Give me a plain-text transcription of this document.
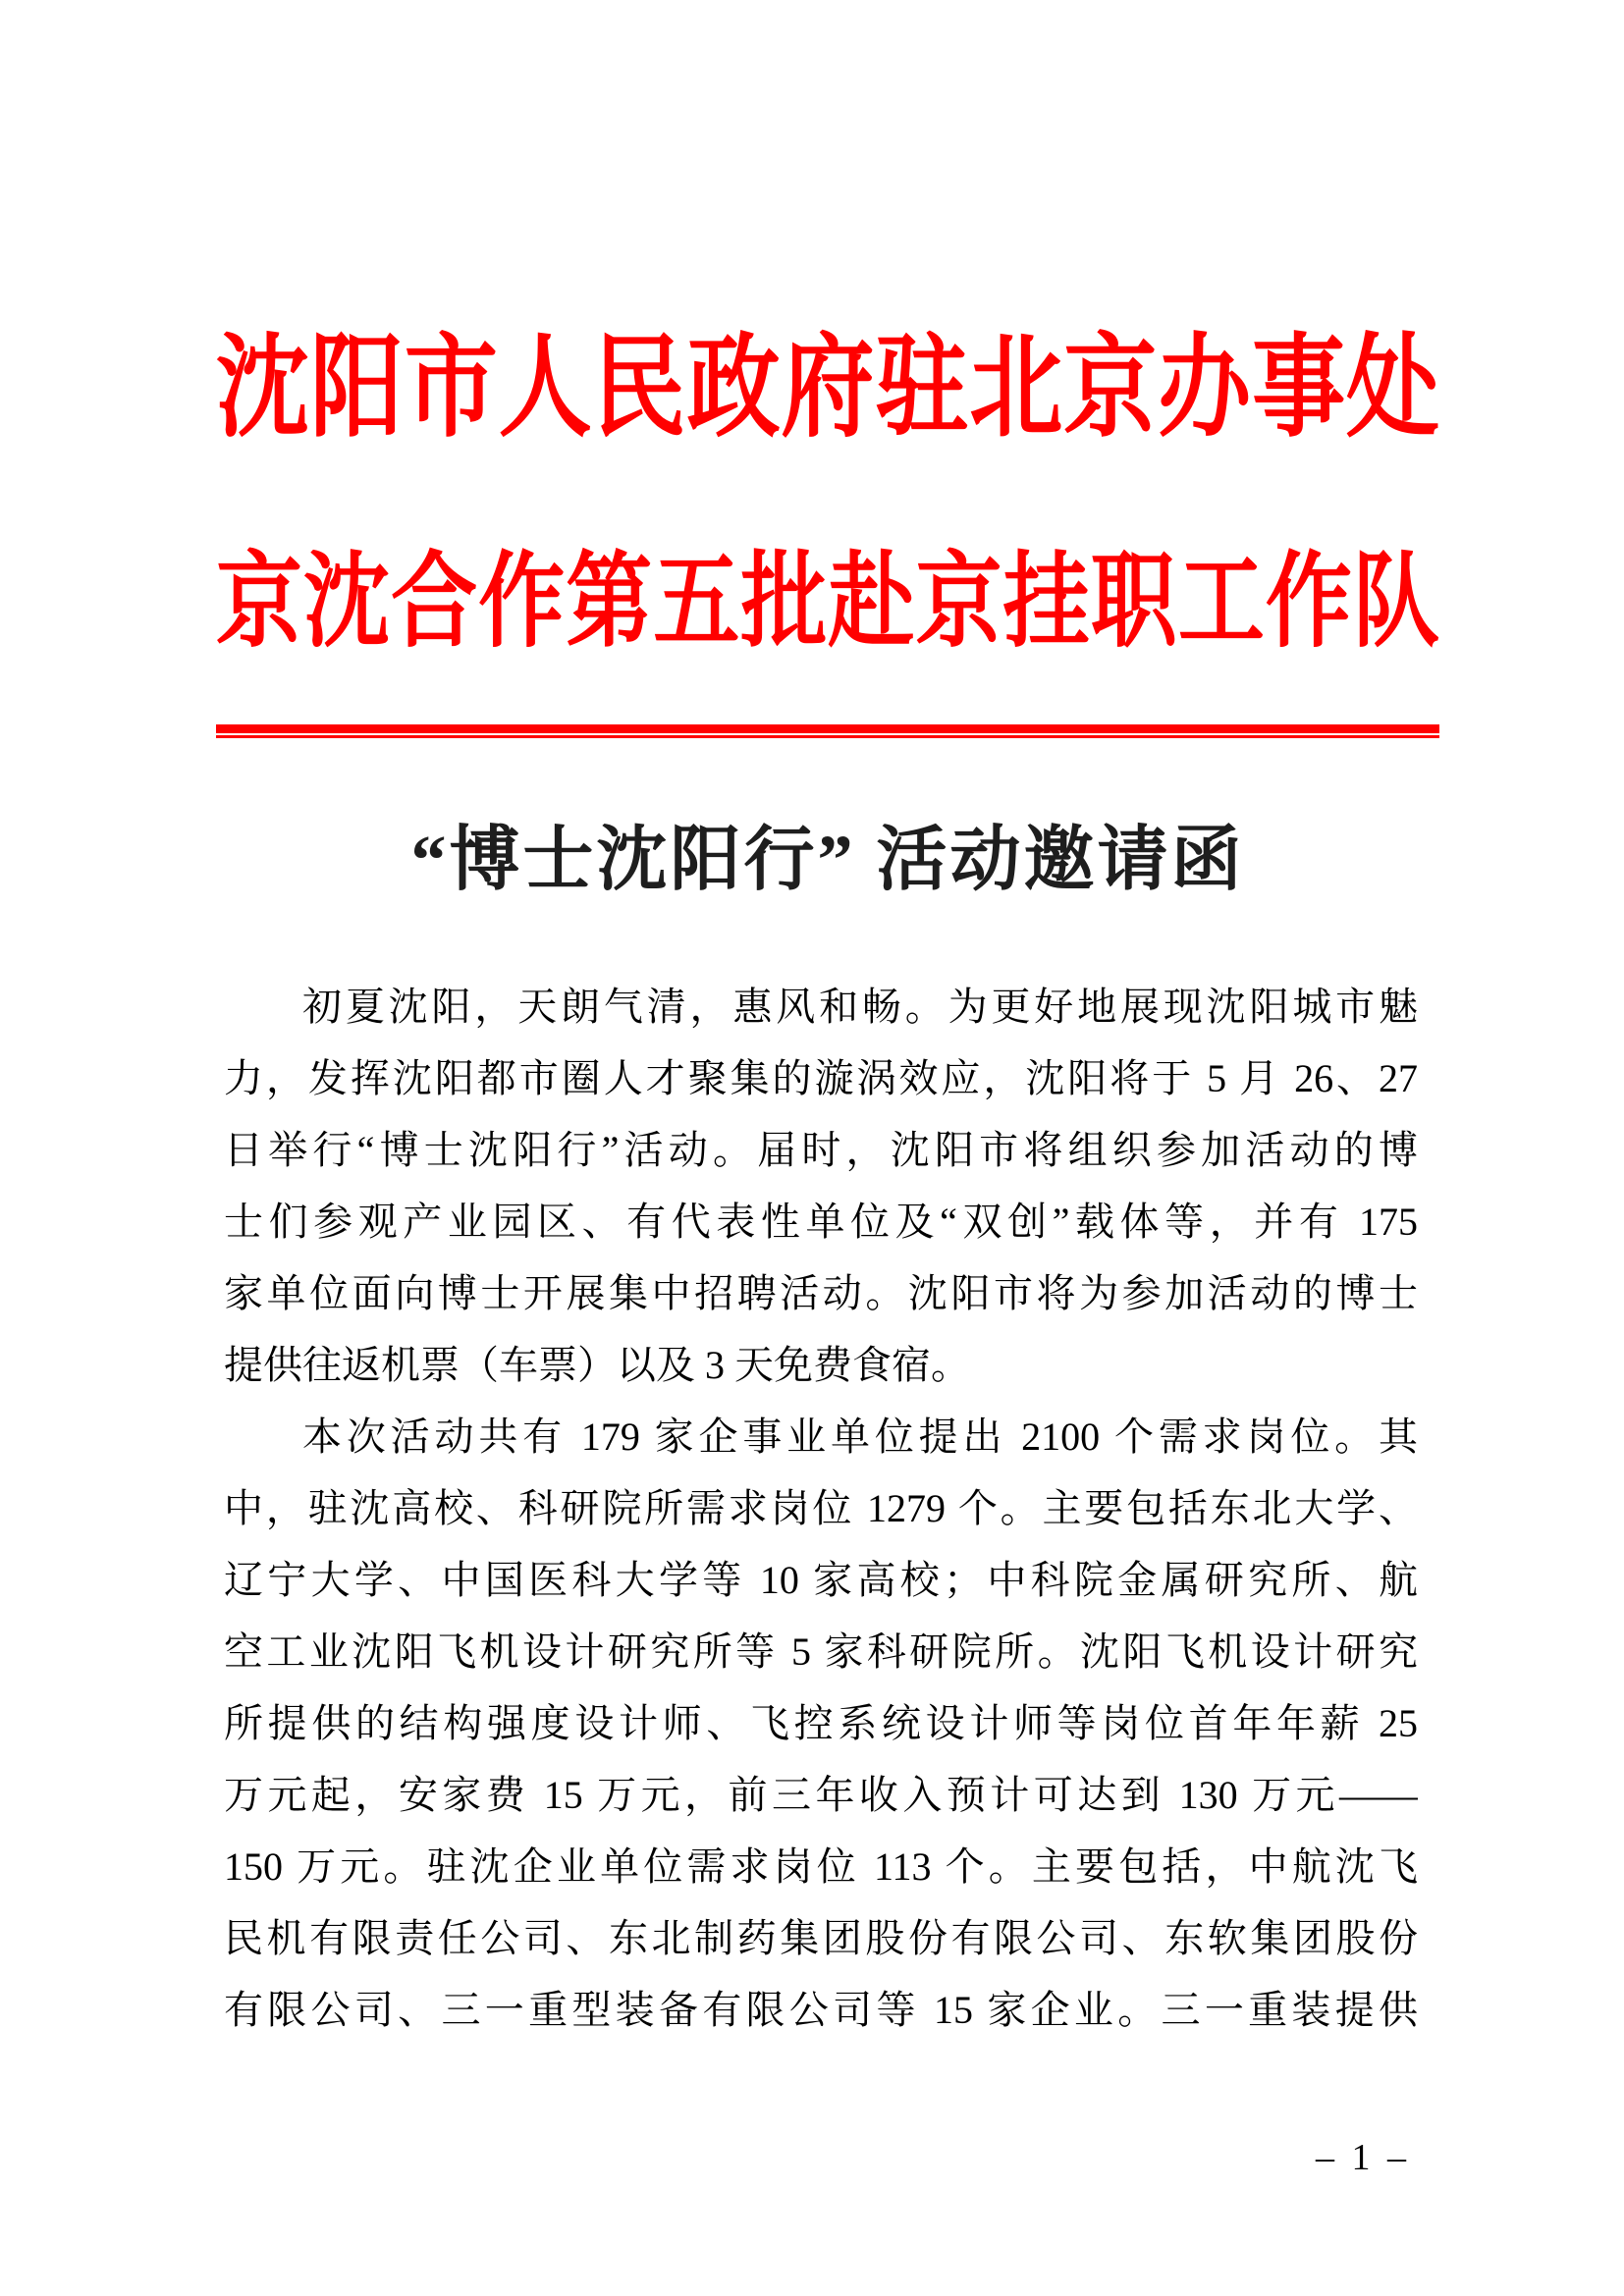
沈阳市人民政府驻北京办事处
京沈合作第五批赴京挂职工作队
“博士沈阳行” 活动邀请函
初夏沈阳，天朗气清，惠风和畅。为更好地展现沈阳城市魅
力，发挥沈阳都市圈人才聚集的漩涡效应，沈阳将于 5 月 26、27
日举行“博士沈阳行”活动。届时，沈阳市将组织参加活动的博
士们参观产业园区、有代表性单位及“双创”载体等，并有 175
家单位面向博士开展集中招聘活动。沈阳市将为参加活动的博士
提供往返机票（车票）以及 3 天免费食宿。
本次活动共有 179 家企事业单位提出 2100 个需求岗位。其
中，驻沈高校、科研院所需求岗位 1279 个。主要包括东北大学、
辽宁大学、中国医科大学等 10 家高校；中科院金属研究所、航
空工业沈阳飞机设计研究所等 5 家科研院所。沈阳飞机设计研究
所提供的结构强度设计师、飞控系统设计师等岗位首年年薪 25
万元起，安家费 15 万元，前三年收入预计可达到 130 万元——
150 万元。驻沈企业单位需求岗位 113 个。主要包括，中航沈飞
民机有限责任公司、东北制药集团股份有限公司、东软集团股份
有限公司、三一重型装备有限公司等 15 家企业。三一重装提供
– 1 –
